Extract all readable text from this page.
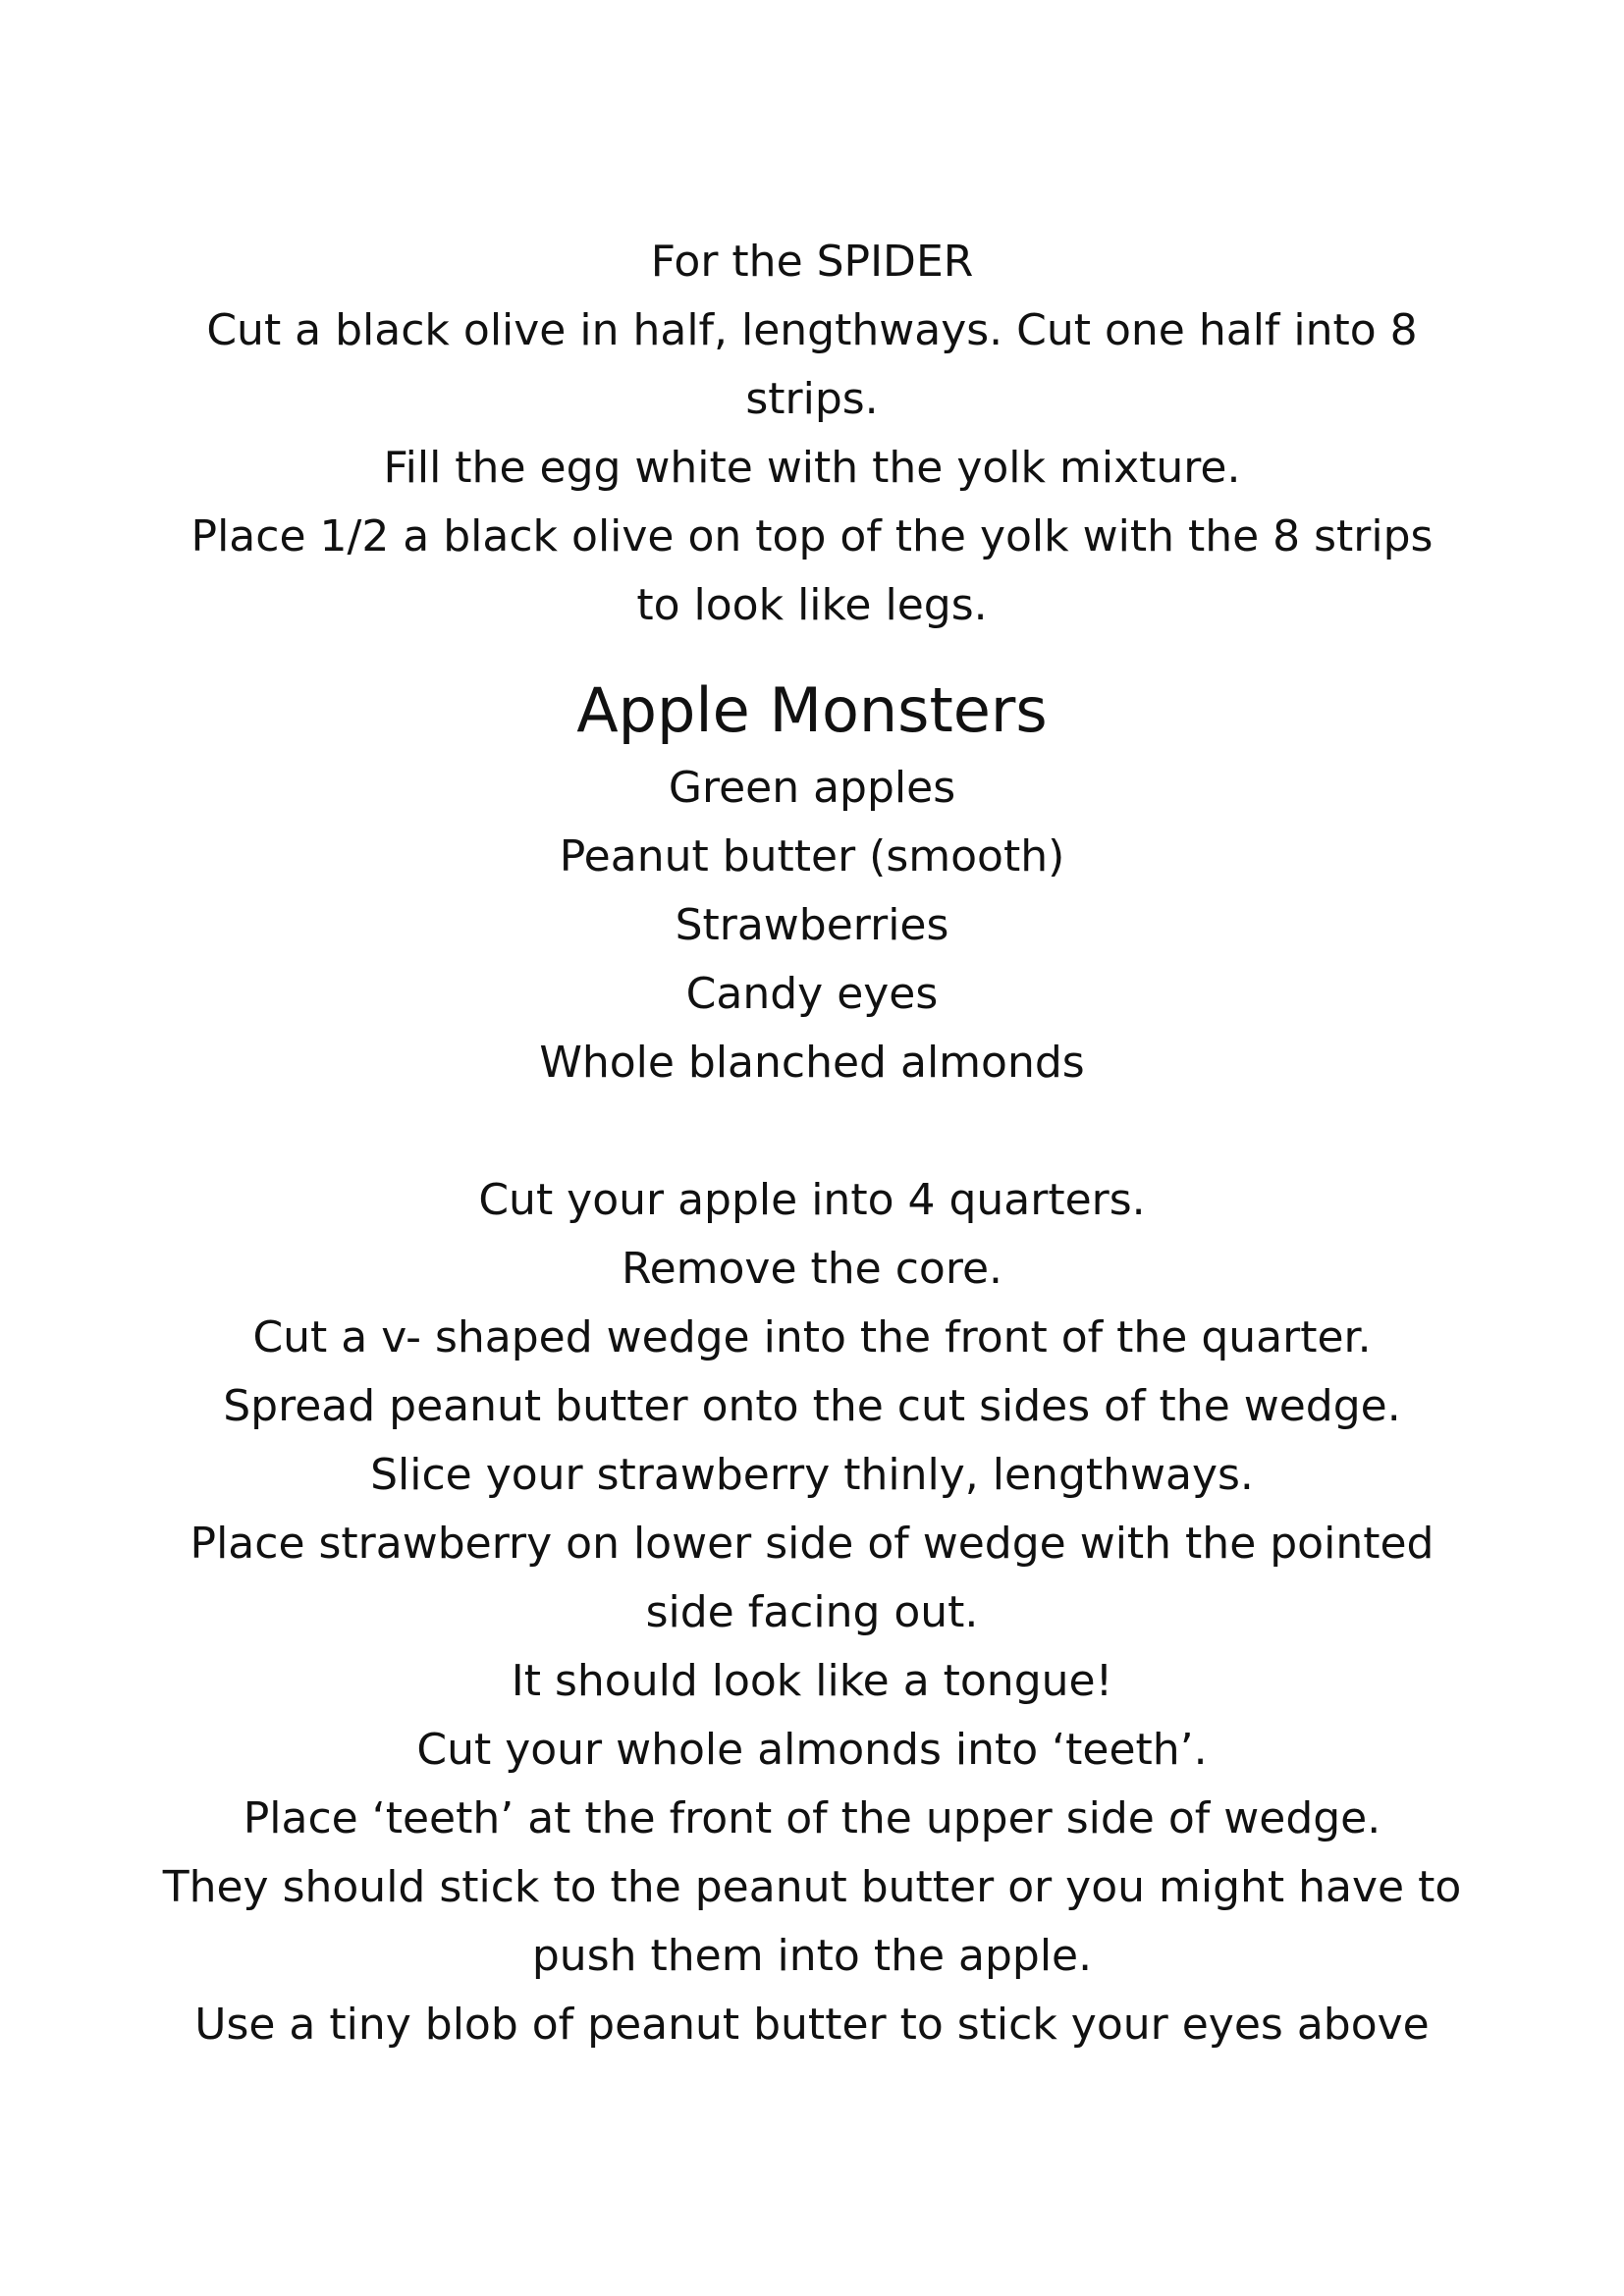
For the SPIDER

Cut a black olive in half, lengthways. Cut one half into 8

strips.

Fill the egg white with the yolk mixture.

Place 1/2 a black olive on top of the yolk with the 8 strips

to look like legs.

Apple Monsters

Green apples

Peanut butter (smooth)

Strawberries

Candy eyes

Whole blanched almonds

Cut your apple into 4 quarters.

Remove the core.

Cut a v- shaped wedge into the front of the quarter.

Spread peanut butter onto the cut sides of the wedge.

Slice your strawberry thinly, lengthways.

Place strawberry on lower side of wedge with the pointed

side facing out.

It should look like a tongue!

Cut your whole almonds into ‘teeth’.

Place ‘teeth’ at the front of the upper side of wedge.

They should stick to the peanut butter or you might have to

push them into the apple.

Use a tiny blob of peanut butter to stick your eyes above
